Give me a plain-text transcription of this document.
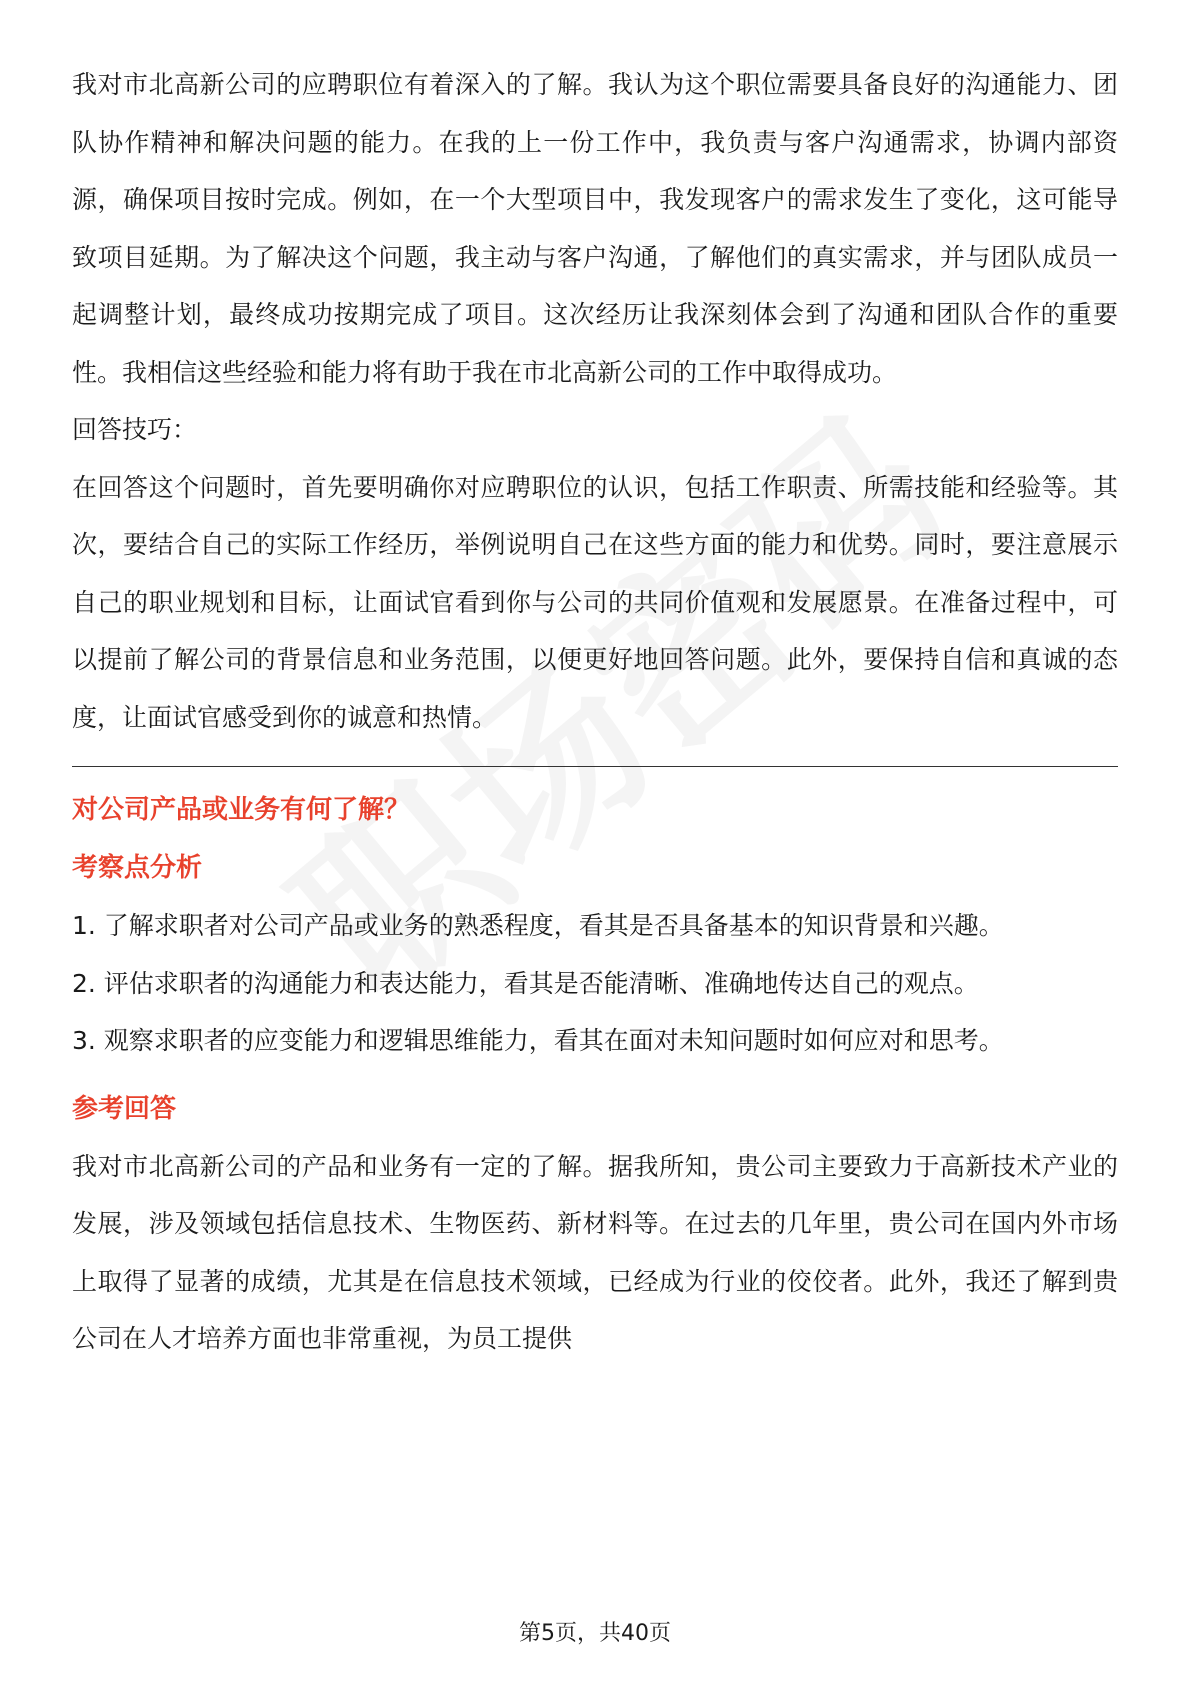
我对市北高新公司的应聘职位有着深入的了解。我认为这个职位需要具备良好的沟通能力、团队协作精神和解决问题的能力。在我的上一份工作中，我负责与客户沟通需求，协调内部资源，确保项目按时完成。例如，在一个大型项目中，我发现客户的需求发生了变化，这可能导致项目延期。为了解决这个问题，我主动与客户沟通，了解他们的真实需求，并与团队成员一起调整计划，最终成功按期完成了项目。这次经历让我深刻体会到了沟通和团队合作的重要性。我相信这些经验和能力将有助于我在市北高新公司的工作中取得成功。

回答技巧：

在回答这个问题时，首先要明确你对应聘职位的认识，包括工作职责、所需技能和经验等。其次，要结合自己的实际工作经历，举例说明自己在这些方面的能力和优势。同时，要注意展示自己的职业规划和目标，让面试官看到你与公司的共同价值观和发展愿景。在准备过程中，可以提前了解公司的背景信息和业务范围，以便更好地回答问题。此外，要保持自信和真诚的态度，让面试官感受到你的诚意和热情。

对公司产品或业务有何了解？

考察点分析

1. 了解求职者对公司产品或业务的熟悉程度，看其是否具备基本的知识背景和兴趣。

2. 评估求职者的沟通能力和表达能力，看其是否能清晰、准确地传达自己的观点。

3. 观察求职者的应变能力和逻辑思维能力，看其在面对未知问题时如何应对和思考。

参考回答

我对市北高新公司的产品和业务有一定的了解。据我所知，贵公司主要致力于高新技术产业的发展，涉及领域包括信息技术、生物医药、新材料等。在过去的几年里，贵公司在国内外市场上取得了显著的成绩，尤其是在信息技术领域，已经成为行业的佼佼者。此外，我还了解到贵公司在人才培养方面也非常重视，为员工提供

第5页，共40页
